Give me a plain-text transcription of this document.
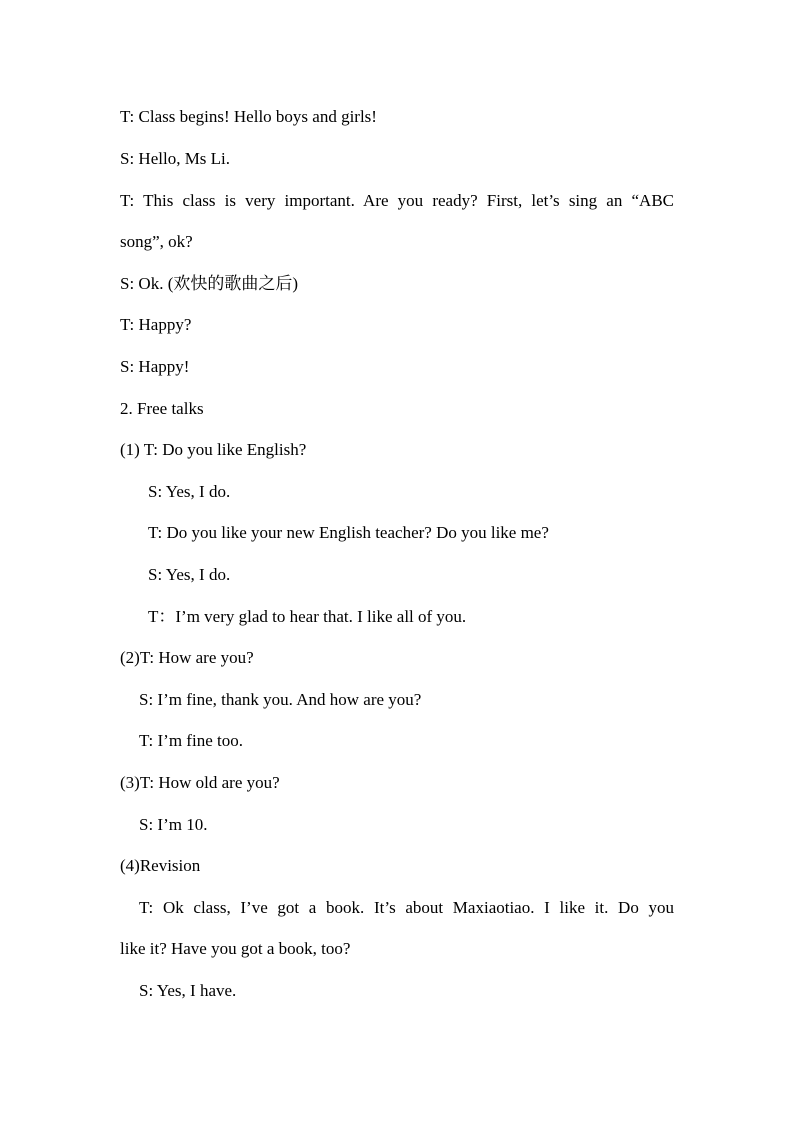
T: Class begins! Hello boys and girls!
S: Hello, Ms Li.
T: This class is very important. Are you ready? First, let’s sing an “ABC
song”, ok?
S: Ok. (欢快的歌曲之后)
T: Happy?
S: Happy!
2. Free talks
(1) T: Do you like English?
S: Yes, I do.
T: Do you like your new English teacher? Do you like me?
S: Yes, I do.
T：I’m very glad to hear that. I like all of you.
(2)T: How are you?
S: I’m fine, thank you. And how are you?
T: I’m fine too.
(3)T: How old are you?
S: I’m 10.
(4)Revision
T: Ok class, I’ve got a book. It’s about Maxiaotiao. I like it. Do you
like it? Have you got a book, too?
S: Yes, I have.
